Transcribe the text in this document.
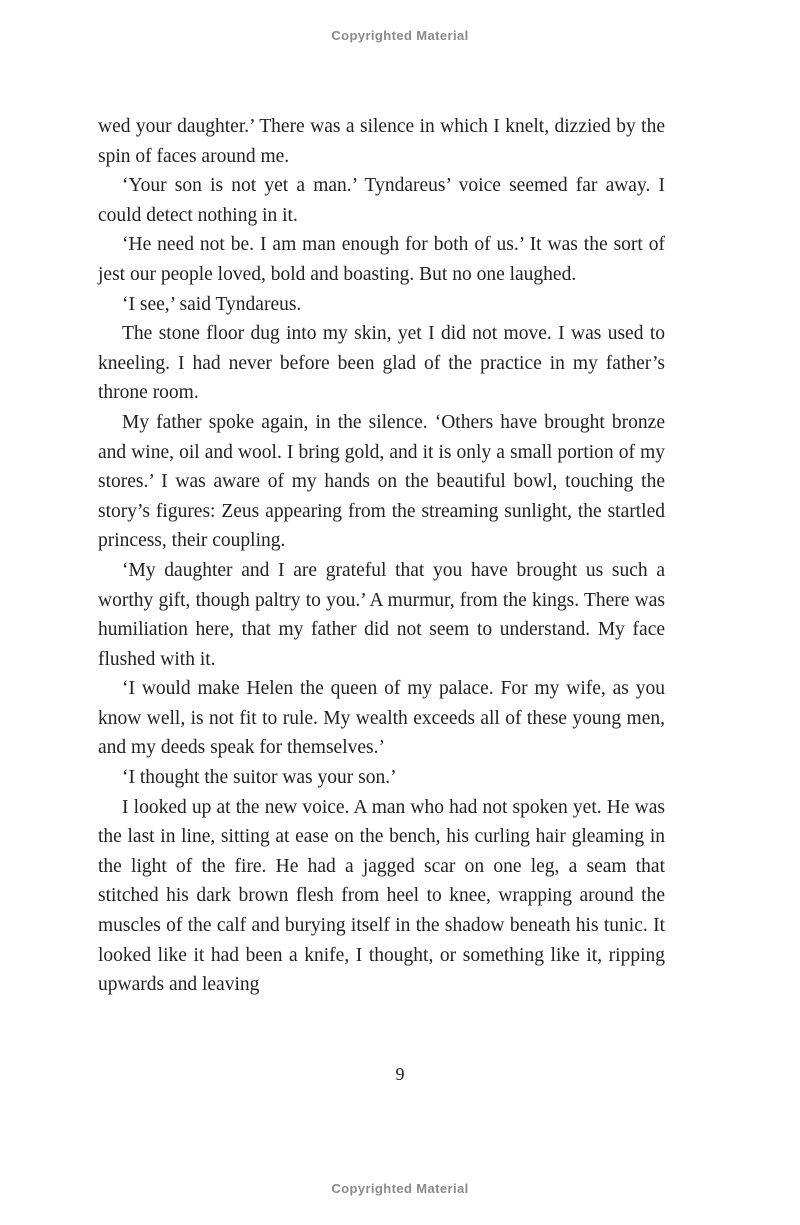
Copyrighted Material

wed your daughter.’ There was a silence in which I knelt, dizzied by the spin of faces around me.

‘Your son is not yet a man.’ Tyndareus’ voice seemed far away. I could detect nothing in it.

‘He need not be. I am man enough for both of us.’ It was the sort of jest our people loved, bold and boasting. But no one laughed.

‘I see,’ said Tyndareus.

The stone floor dug into my skin, yet I did not move. I was used to kneeling. I had never before been glad of the practice in my father’s throne room.

My father spoke again, in the silence. ‘Others have brought bronze and wine, oil and wool. I bring gold, and it is only a small portion of my stores.’ I was aware of my hands on the beautiful bowl, touching the story’s figures: Zeus appearing from the streaming sunlight, the startled princess, their coupling.

‘My daughter and I are grateful that you have brought us such a worthy gift, though paltry to you.’ A murmur, from the kings. There was humiliation here, that my father did not seem to understand. My face flushed with it.

‘I would make Helen the queen of my palace. For my wife, as you know well, is not fit to rule. My wealth exceeds all of these young men, and my deeds speak for themselves.’

‘I thought the suitor was your son.’

I looked up at the new voice. A man who had not spoken yet. He was the last in line, sitting at ease on the bench, his curling hair gleaming in the light of the fire. He had a jagged scar on one leg, a seam that stitched his dark brown flesh from heel to knee, wrapping around the muscles of the calf and burying itself in the shadow beneath his tunic. It looked like it had been a knife, I thought, or something like it, ripping upwards and leaving

9
Copyrighted Material
